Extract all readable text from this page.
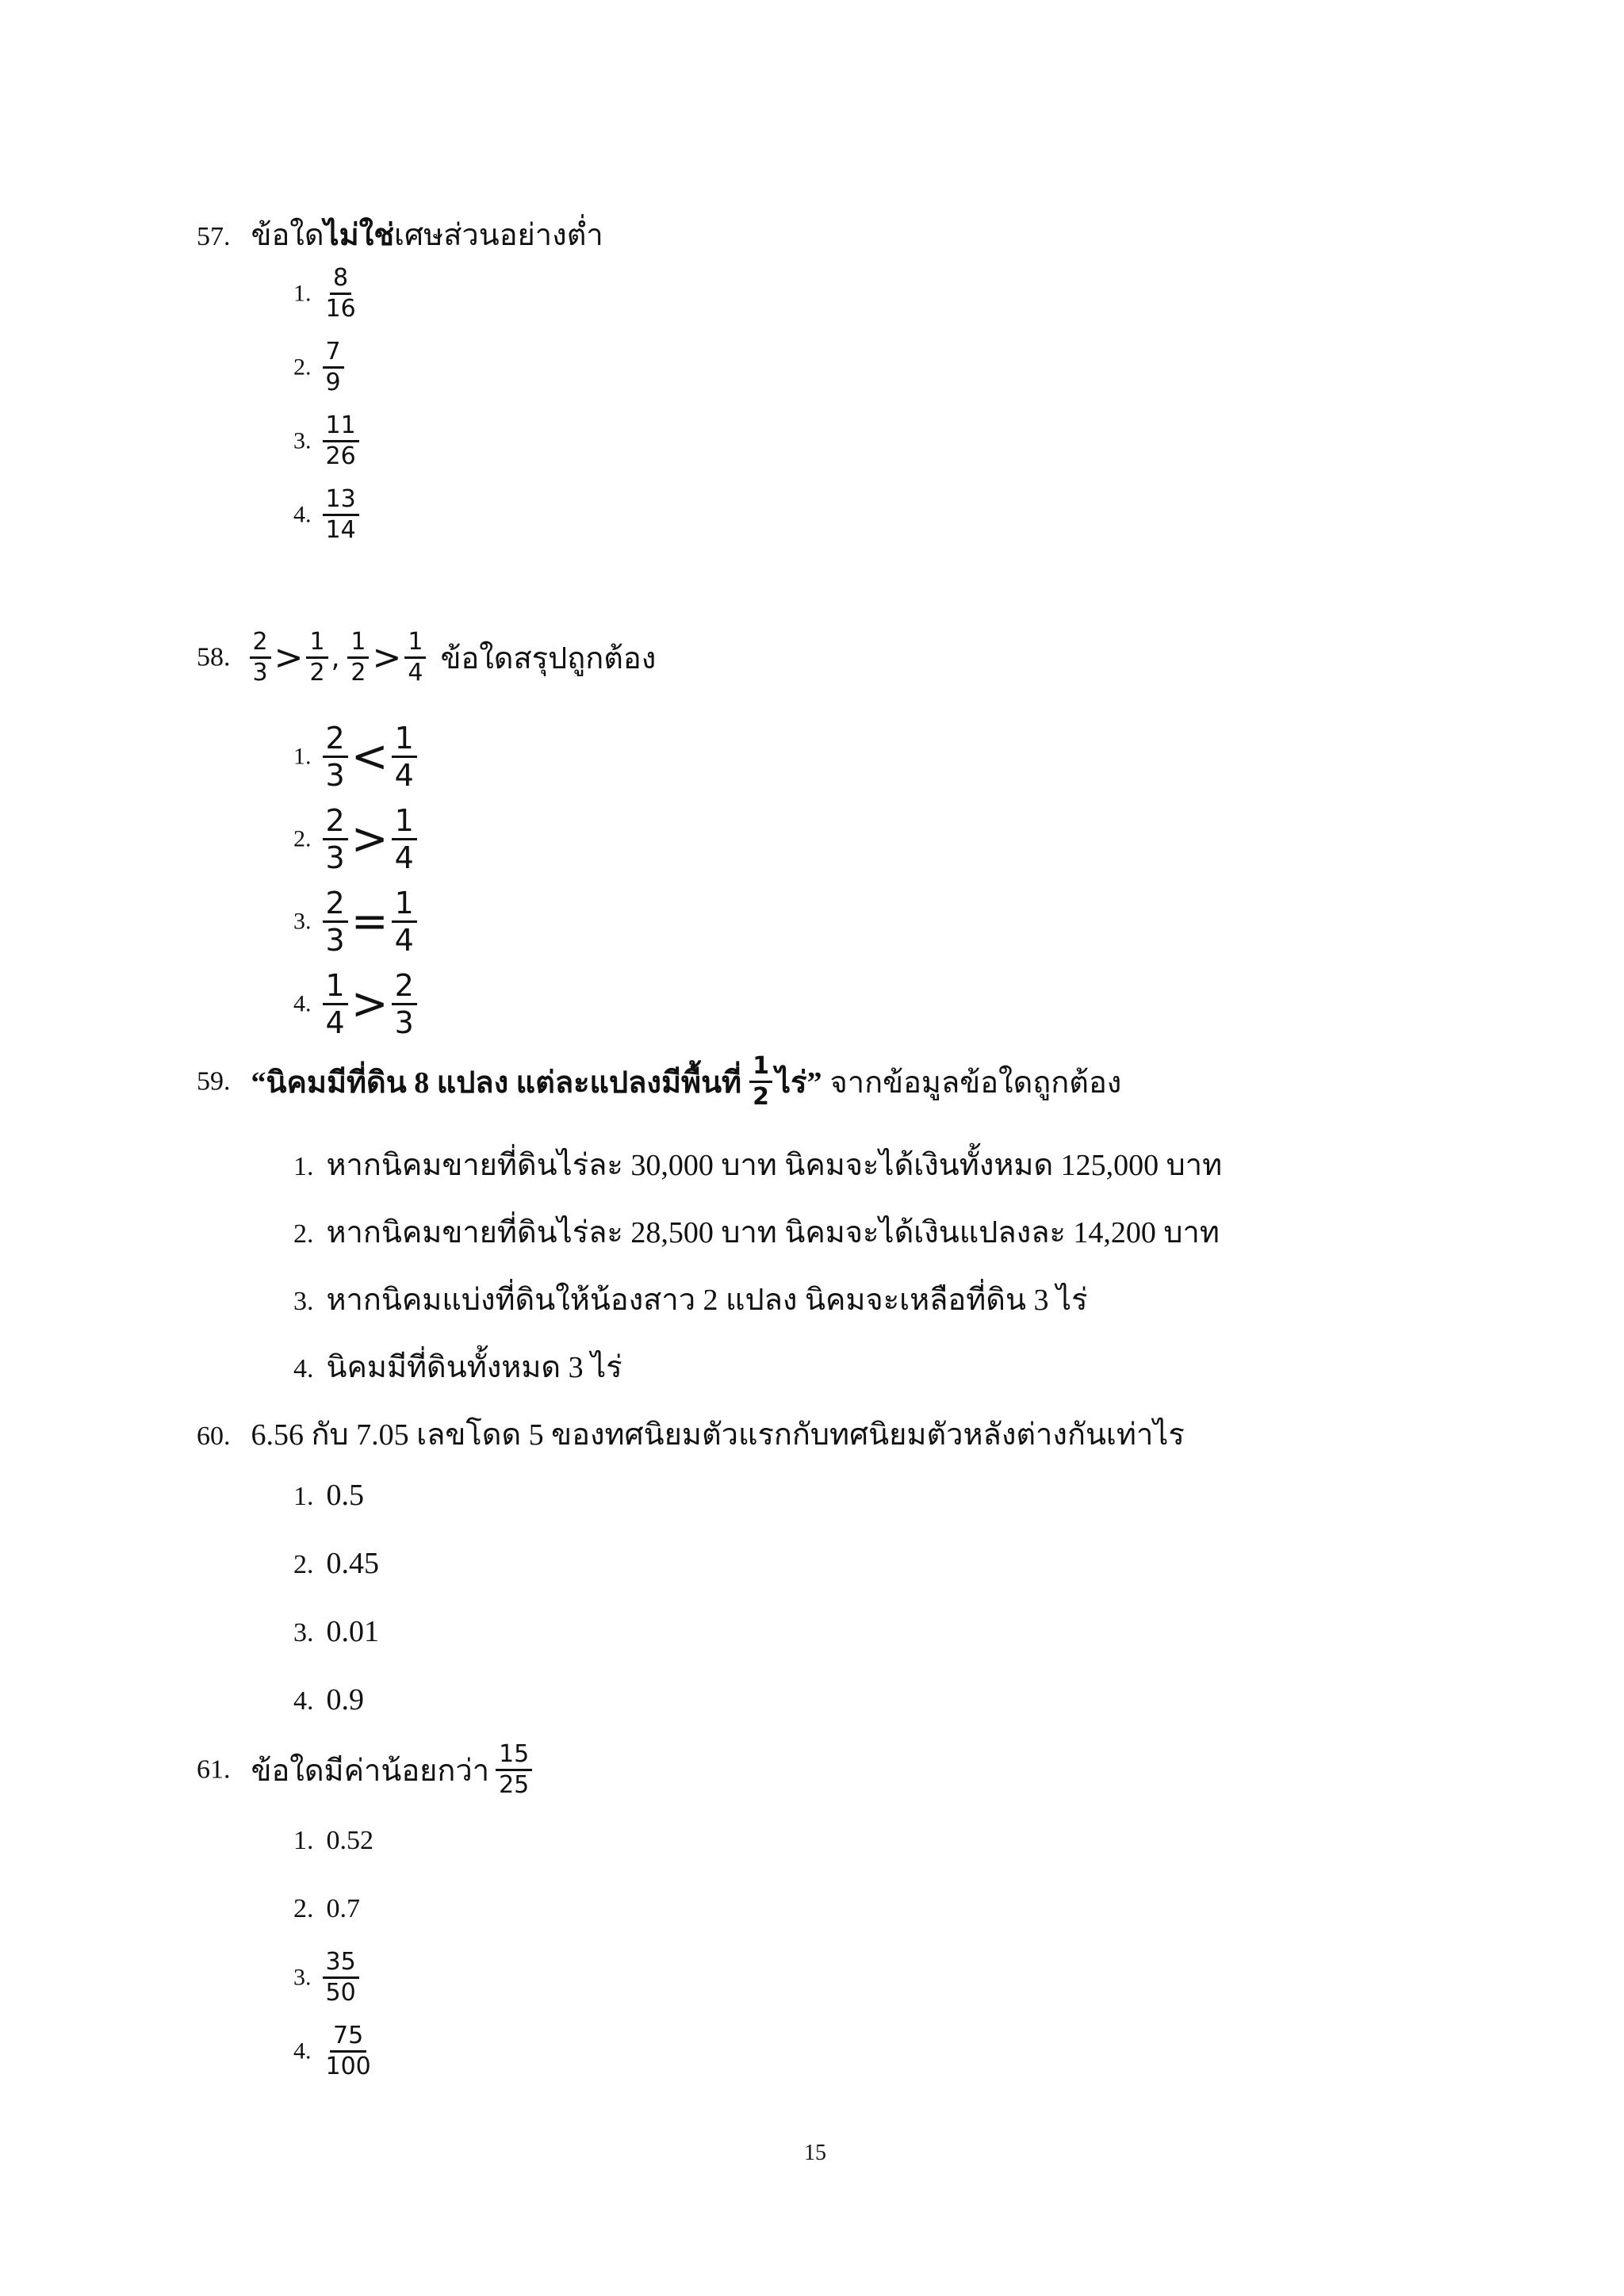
57. ข้อใดไม่ใช่เศษส่วนอย่างต่ำ
1. $\frac{8}{16}$
2. $\frac{7}{9}$
3. $\frac{11}{26}$
4. $\frac{13}{14}$
58. $\frac{2}{3} > \frac{1}{2}$ , $\frac{1}{2} > \frac{1}{4}$ ข้อใดสรุปถูกต้อง
1. $\frac{2}{3} < \frac{1}{4}$
2. $\frac{2}{3} > \frac{1}{4}$
3. $\frac{2}{3} = \frac{1}{4}$
4. $\frac{1}{4} > \frac{2}{3}$
59. “นิคมมีที่ดิน 8 แปลง แต่ละแปลงมีพื้นที่ $\frac{1}{2}$ ไร่” จากข้อมูลข้อใดถูกต้อง
1. หากนิคมขายที่ดินไร่ละ 30,000 บาท นิคมจะได้เงินทั้งหมด 125,000 บาท
2. หากนิคมขายที่ดินไร่ละ 28,500 บาท นิคมจะได้เงินแปลงละ 14,200 บาท
3. หากนิคมแบ่งที่ดินให้น้องสาว 2 แปลง นิคมจะเหลือที่ดิน 3 ไร่
4. นิคมมีที่ดินทั้งหมด 3 ไร่
60. 6.56 กับ 7.05 เลขโดด 5 ของทศนิยมตัวแรกกับทศนิยมตัวหลังต่างกันเท่าไร
1. 0.5
2. 0.45
3. 0.01
4. 0.9
61. ข้อใดมีค่าน้อยกว่า $\frac{15}{25}$
1. 0.52
2. 0.7
3. $\frac{35}{50}$
4. $\frac{75}{100}$
15
